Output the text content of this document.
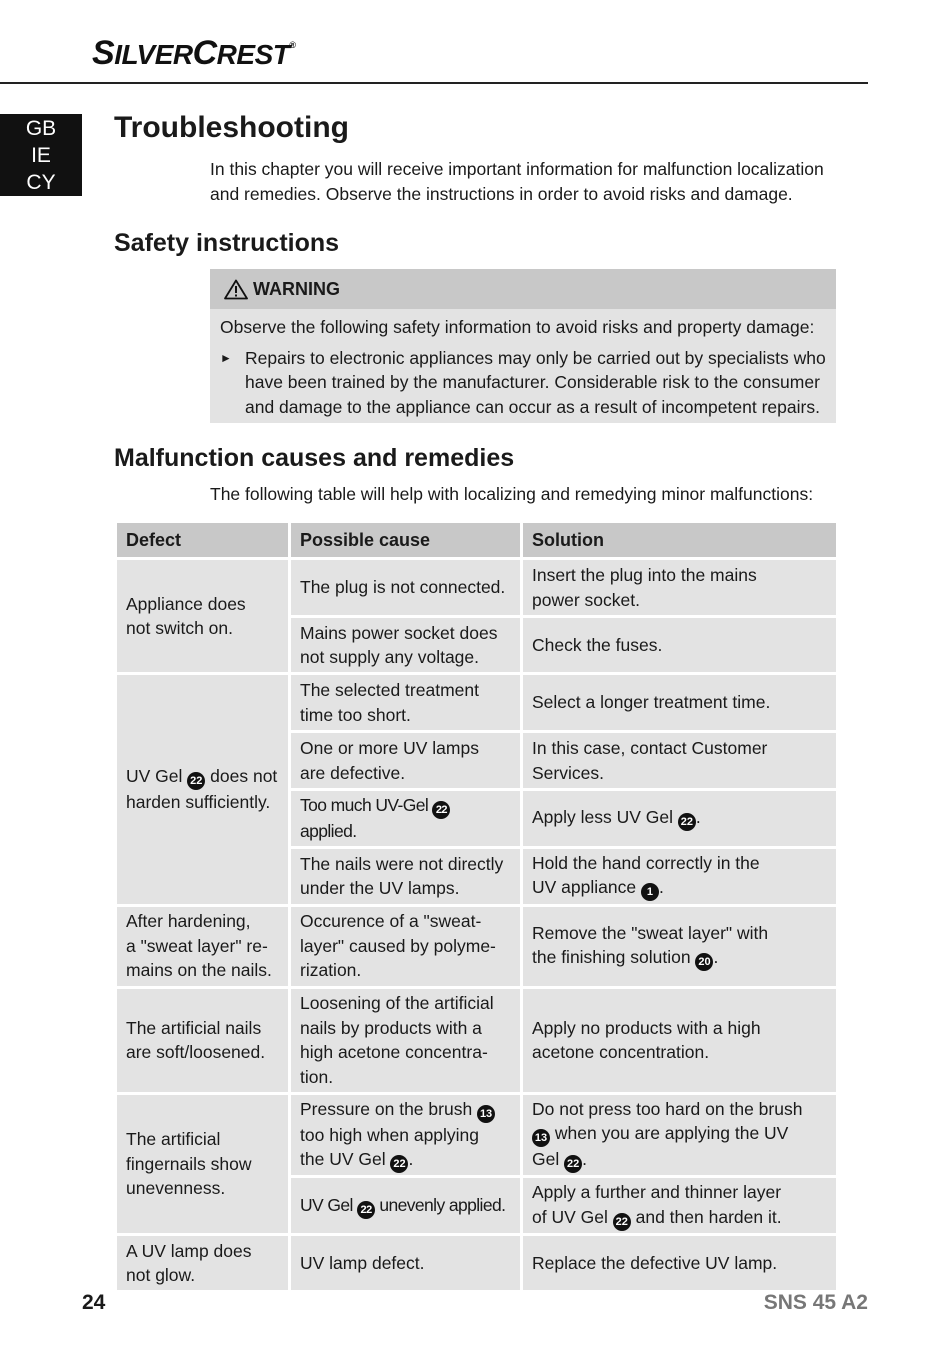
SILVERCREST®
GB
IE
CY
Troubleshooting

In this chapter you will receive important information for malfunction localization
and remedies. Observe the instructions in order to avoid risks and damage.

Safety instructions
WARNING
Observe the following safety information to avoid risks and property damage:
► Repairs to electronic appliances may only be carried out by specialists who
have been trained by the manufacturer. Considerable risk to the consumer
and damage to the appliance can occur as a result of incompetent repairs.
Malfunction causes and remedies

The following table will help with localizing and remedying minor malfunctions:

Defect	Possible cause	Solution
Appliance does
not switch on.	The plug is not connected.	Insert the plug into the mains
power socket.
	Mains power socket does
not supply any voltage.	Check the fuses.
UV Gel 22 does not
harden sufficiently.	The selected treatment
time too short.	Select a longer treatment time.
	One or more UV lamps
are defective.	In this case, contact Customer
Services.
	Too much UV-Gel 22 applied.	Apply less UV Gel 22 .
	The nails were not directly
under the UV lamps.	Hold the hand correctly in the
UV appliance 1 .
After hardening,
a "sweat layer" re-
mains on the nails.	Occurence of a "sweat-
layer" caused by polyme-
rization.	Remove the "sweat layer" with
the finishing solution 20 .
The artificial nails
are soft/loosened.	Loosening of the artificial
nails by products with a
high acetone concentra-
tion.	Apply no products with a high
acetone concentration.
The artificial
fingernails show
unevenness.	Pressure on the brush 13
too high when applying
the UV Gel 22 .	Do not press too hard on the brush
13 when you are applying the UV
Gel 22 .
	UV Gel 22 unevenly applied.	Apply a further and thinner layer
of UV Gel 22 and then harden it.
A UV lamp does
not glow.	UV lamp defect.	Replace the defective UV lamp.
24	SNS 45 A2
